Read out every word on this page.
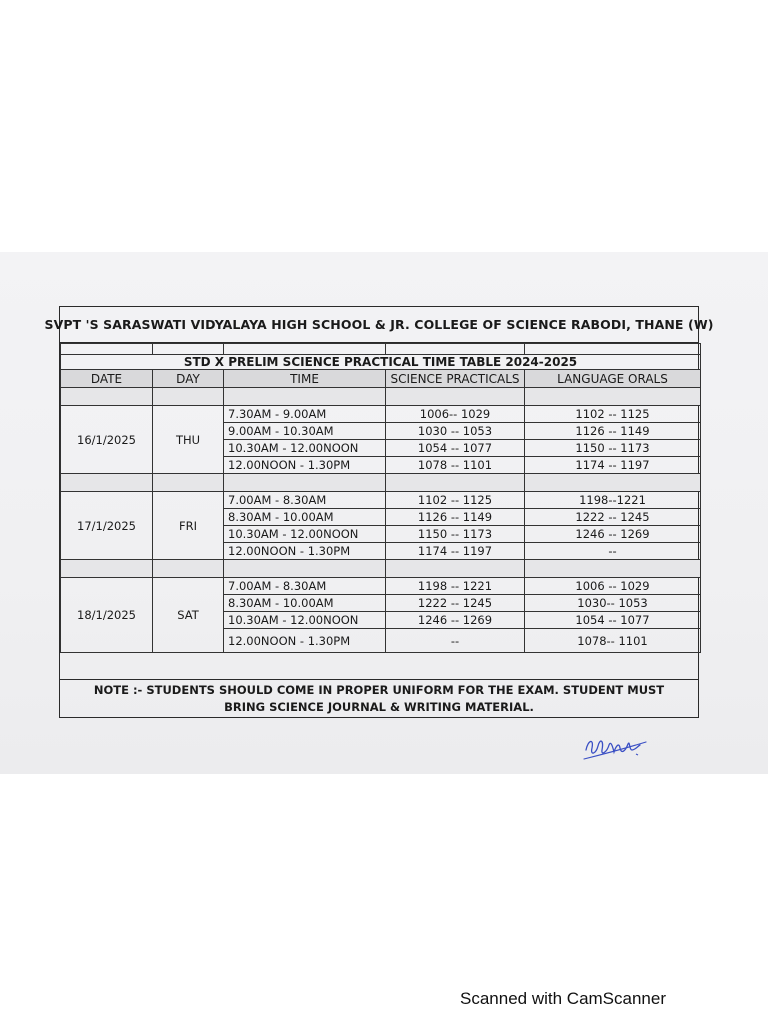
SVPT 'S SARASWATI VIDYALAYA HIGH SCHOOL & JR. COLLEGE OF SCIENCE RABODI, THANE (W)

STD X PRELIM SCIENCE PRACTICAL TIME TABLE 2024-2025				
DATE	DAY	TIME	SCIENCE PRACTICALS	LANGUAGE ORALS

16/1/2025	THU	7.30AM - 9.00AM	1006-- 1029	1102 -- 1125
		9.00AM - 10.30AM	1030 -- 1053	1126 -- 1149
		10.30AM - 12.00NOON	1054 -- 1077	1150 -- 1173
		12.00NOON - 1.30PM	1078 -- 1101	1174 -- 1197

17/1/2025	FRI	7.00AM - 8.30AM	1102 -- 1125	1198--1221
		8.30AM - 10.00AM	1126 -- 1149	1222 -- 1245
		10.30AM - 12.00NOON	1150 -- 1173	1246 -- 1269
		12.00NOON - 1.30PM	1174 -- 1197	--

18/1/2025	SAT	7.00AM - 8.30AM	1198 -- 1221	1006 -- 1029
		8.30AM - 10.00AM	1222 -- 1245	1030-- 1053
		10.30AM - 12.00NOON	1246 -- 1269	1054 -- 1077
		12.00NOON - 1.30PM	--	1078-- 1101
NOTE :- STUDENTS SHOULD COME IN PROPER UNIFORM FOR THE EXAM. STUDENT MUST BRING SCIENCE JOURNAL & WRITING MATERIAL.
Scanned with CamScanner
